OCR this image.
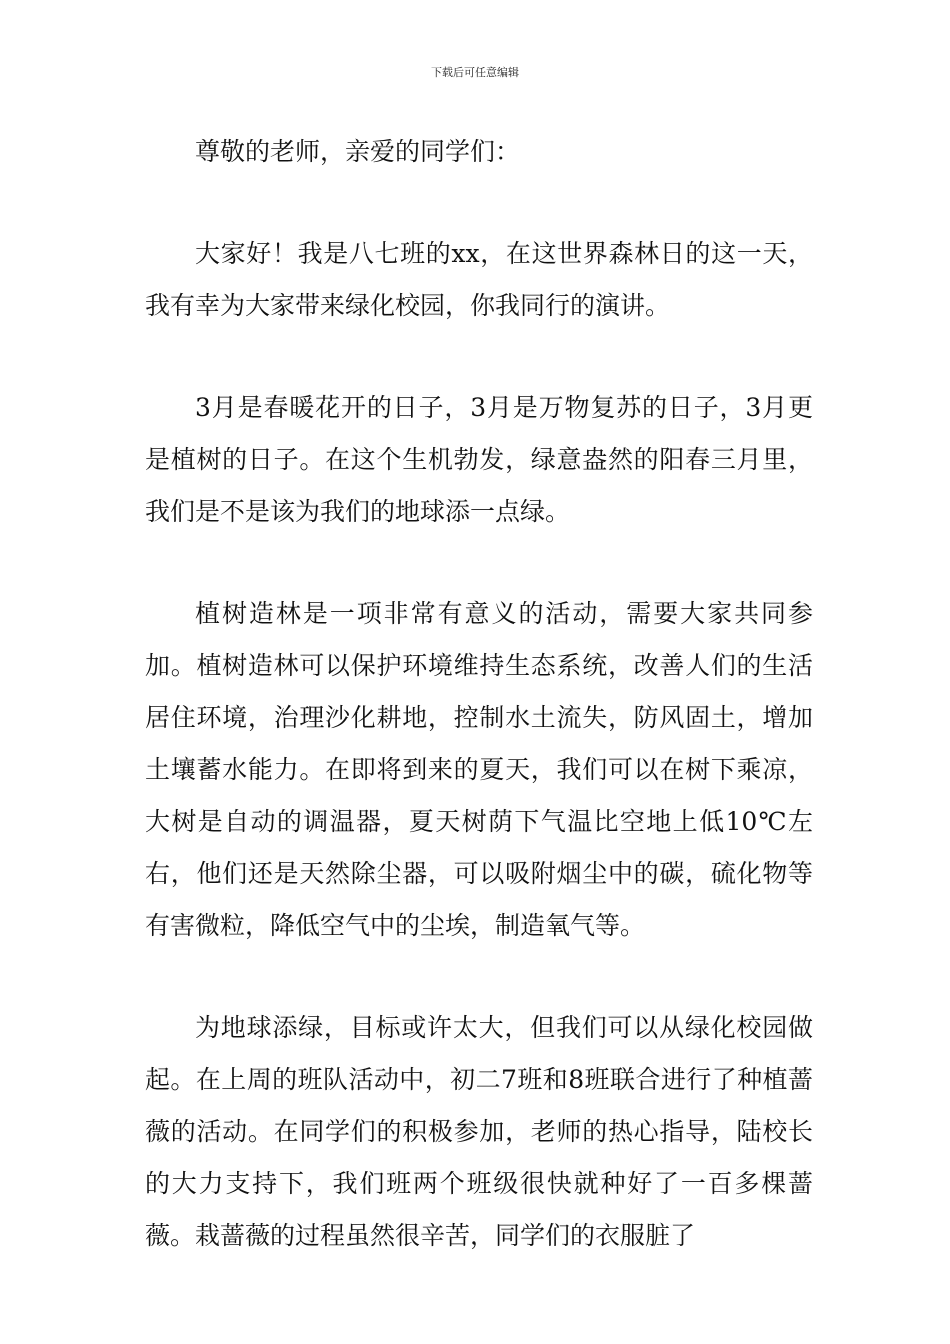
下载后可任意编辑

尊敬的老师，亲爱的同学们：

大家好！我是八七班的xx，在这世界森林日的这一天，我有幸为大家带来绿化校园，你我同行的演讲。

3月是春暖花开的日子，3月是万物复苏的日子，3月更是植树的日子。在这个生机勃发，绿意盎然的阳春三月里，我们是不是该为我们的地球添一点绿。

植树造林是一项非常有意义的活动，需要大家共同参加。植树造林可以保护环境维持生态系统，改善人们的生活居住环境，治理沙化耕地，控制水土流失，防风固土，增加土壤蓄水能力。在即将到来的夏天，我们可以在树下乘凉，大树是自动的调温器，夏天树荫下气温比空地上低10℃左右，他们还是天然除尘器，可以吸附烟尘中的碳，硫化物等有害微粒，降低空气中的尘埃，制造氧气等。

为地球添绿，目标或许太大，但我们可以从绿化校园做起。在上周的班队活动中，初二7班和8班联合进行了种植蔷薇的活动。在同学们的积极参加，老师的热心指导，陆校长的大力支持下，我们班两个班级很快就种好了一百多棵蔷薇。栽蔷薇的过程虽然很辛苦，同学们的衣服脏了
